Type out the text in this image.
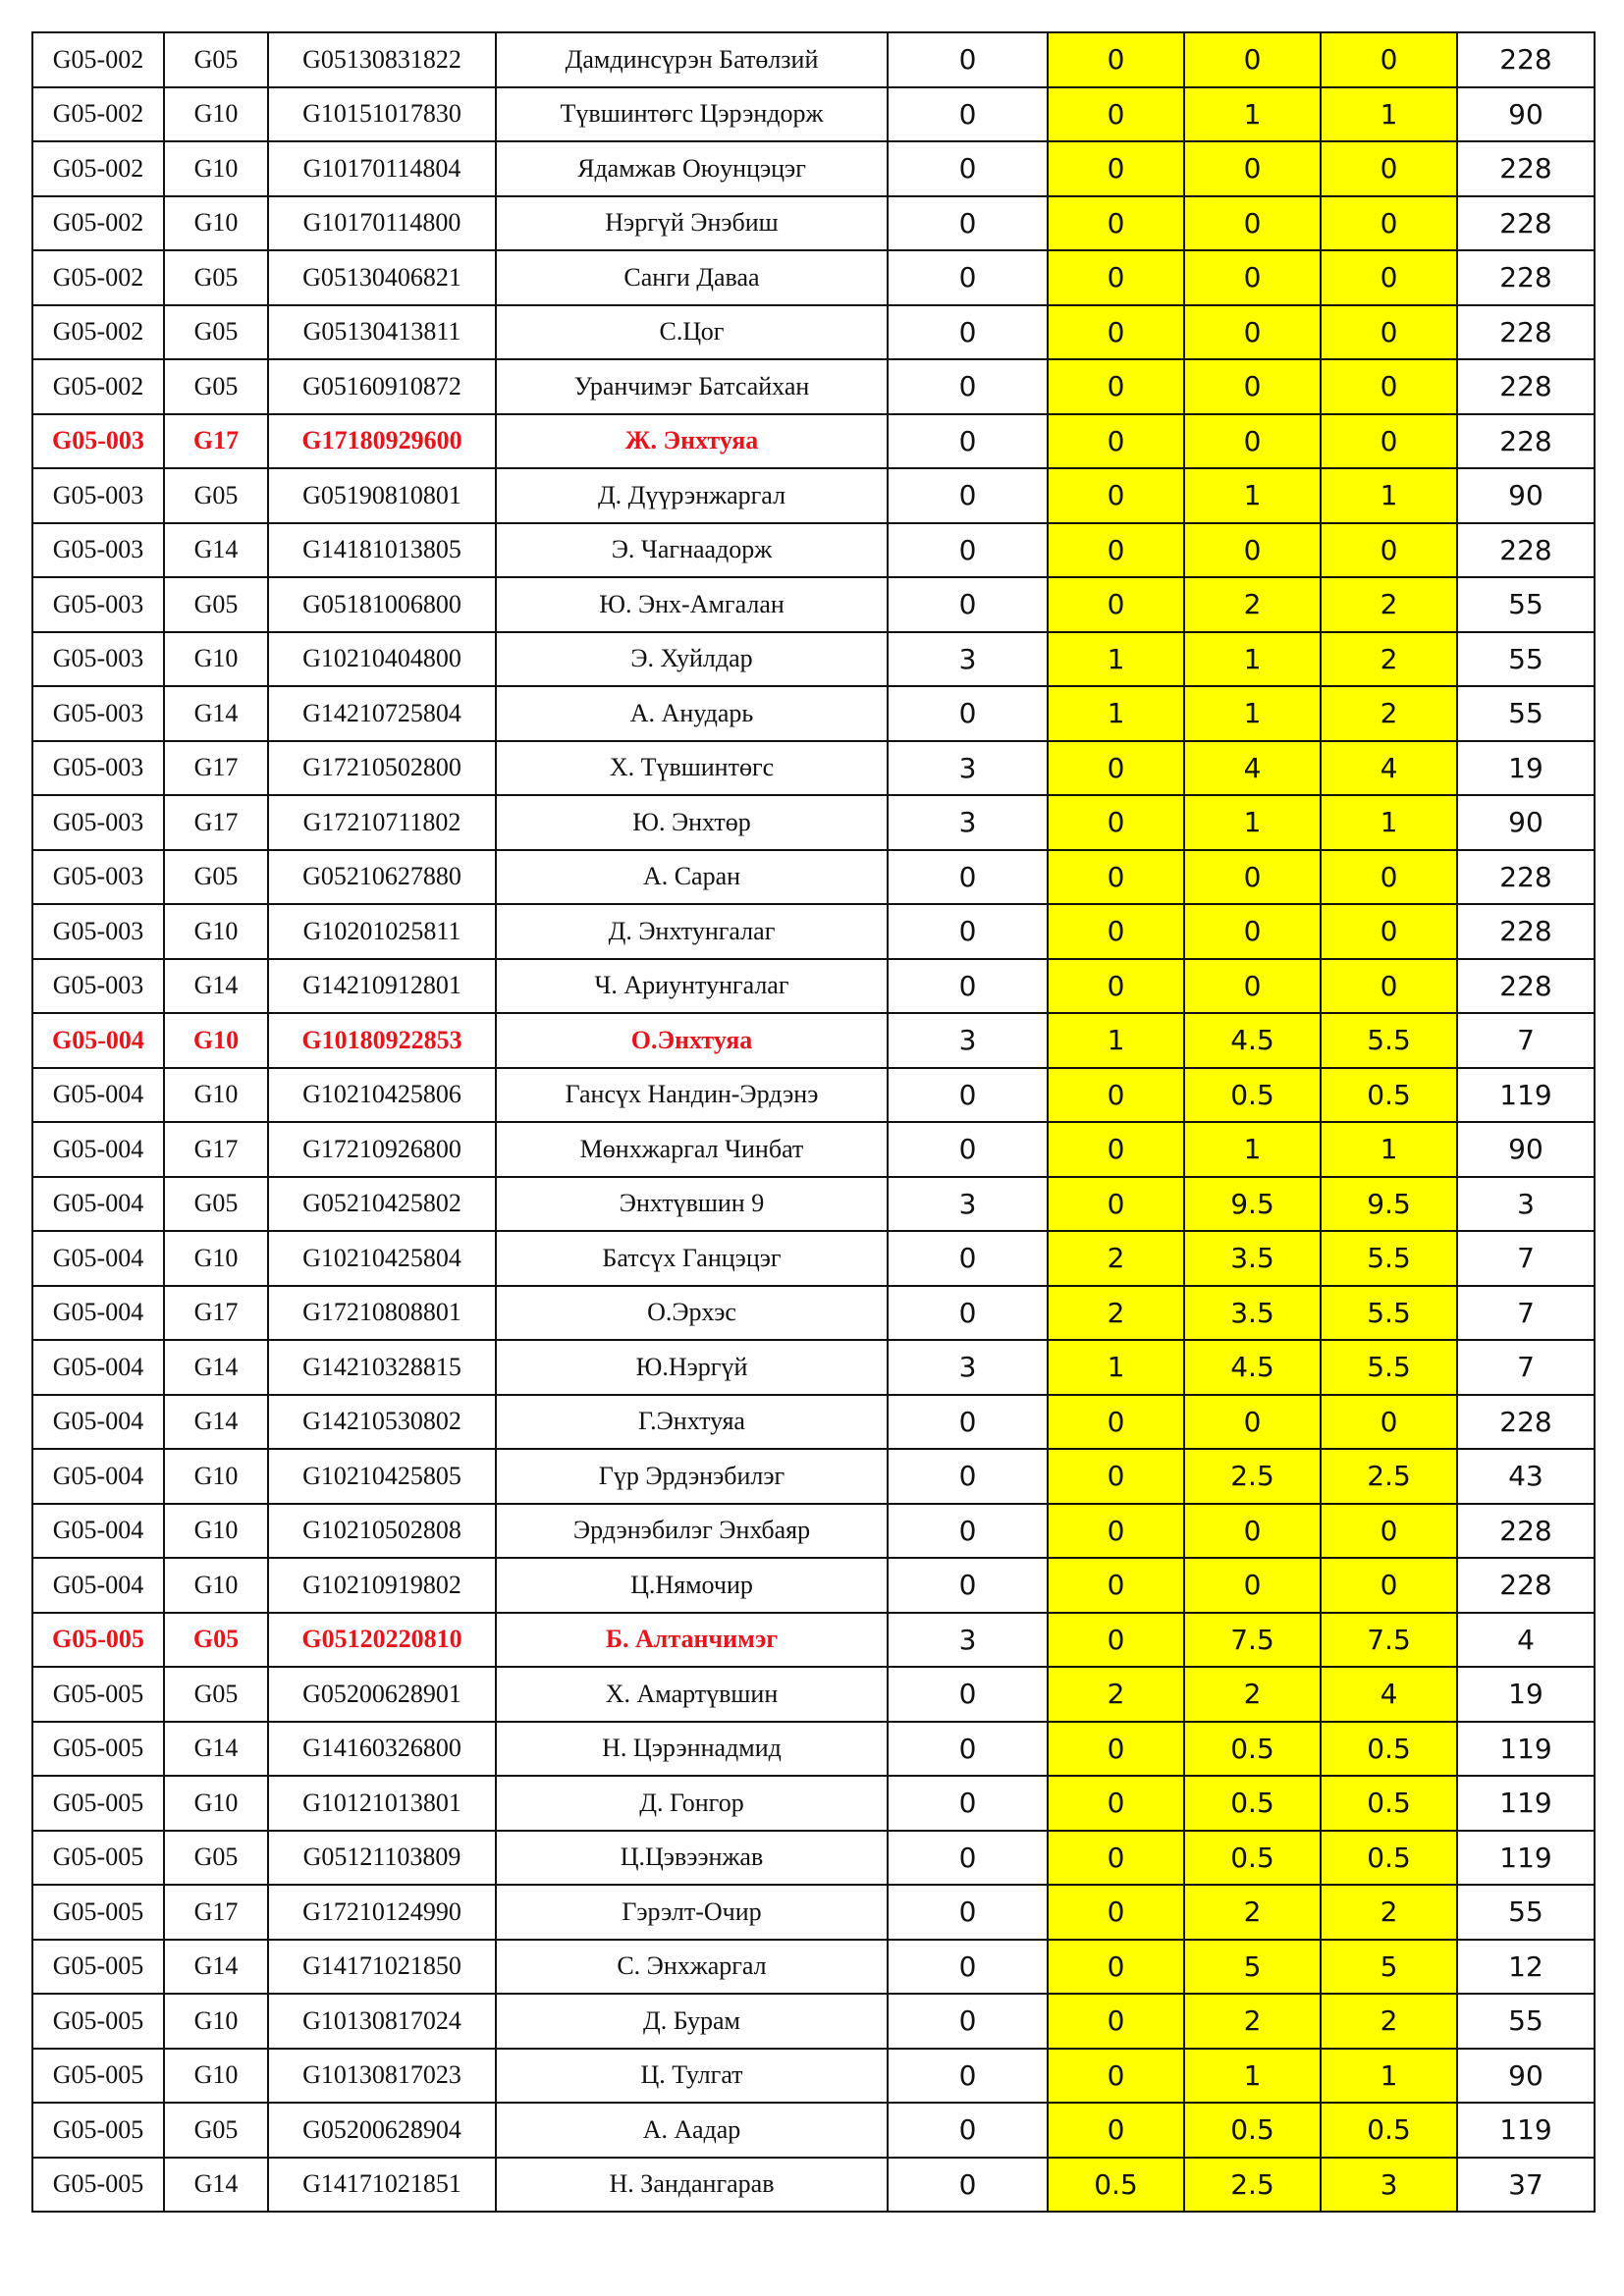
G05-002	G05	G05130831822	Дамдинсүрэн Батөлзий	0	0	0	0	228
G05-002	G10	G10151017830	Түвшинтөгс Цэрэндорж	0	0	1	1	90
G05-002	G10	G10170114804	Ядамжав Оюунцэцэг	0	0	0	0	228
G05-002	G10	G10170114800	Нэргүй Энэбиш	0	0	0	0	228
G05-002	G05	G05130406821	Санги Даваа	0	0	0	0	228
G05-002	G05	G05130413811	С.Цог	0	0	0	0	228
G05-002	G05	G05160910872	Уранчимэг Батсайхан	0	0	0	0	228
G05-003	G17	G17180929600	Ж. Энхтуяа	0	0	0	0	228
G05-003	G05	G05190810801	Д. Дүүрэнжаргал	0	0	1	1	90
G05-003	G14	G14181013805	Э. Чагнаадорж	0	0	0	0	228
G05-003	G05	G05181006800	Ю. Энх-Амгалан	0	0	2	2	55
G05-003	G10	G10210404800	Э. Хуйлдар	3	1	1	2	55
G05-003	G14	G14210725804	А. Анударь	0	1	1	2	55
G05-003	G17	G17210502800	Х. Түвшинтөгс	3	0	4	4	19
G05-003	G17	G17210711802	Ю. Энхтөр	3	0	1	1	90
G05-003	G05	G05210627880	А. Саран	0	0	0	0	228
G05-003	G10	G10201025811	Д. Энхтунгалаг	0	0	0	0	228
G05-003	G14	G14210912801	Ч. Ариунтунгалаг	0	0	0	0	228
G05-004	G10	G10180922853	О.Энхтуяа	3	1	4.5	5.5	7
G05-004	G10	G10210425806	Гансүх Нандин-Эрдэнэ	0	0	0.5	0.5	119
G05-004	G17	G17210926800	Мөнхжаргал Чинбат	0	0	1	1	90
G05-004	G05	G05210425802	Энхтүвшин 9	3	0	9.5	9.5	3
G05-004	G10	G10210425804	Батсүх Ганцэцэг	0	2	3.5	5.5	7
G05-004	G17	G17210808801	О.Эрхэс	0	2	3.5	5.5	7
G05-004	G14	G14210328815	Ю.Нэргүй	3	1	4.5	5.5	7
G05-004	G14	G14210530802	Г.Энхтуяа	0	0	0	0	228
G05-004	G10	G10210425805	Гүр Эрдэнэбилэг	0	0	2.5	2.5	43
G05-004	G10	G10210502808	Эрдэнэбилэг Энхбаяр	0	0	0	0	228
G05-004	G10	G10210919802	Ц.Нямочир	0	0	0	0	228
G05-005	G05	G05120220810	Б. Алтанчимэг	3	0	7.5	7.5	4
G05-005	G05	G05200628901	Х. Амартүвшин	0	2	2	4	19
G05-005	G14	G14160326800	Н. Цэрэннадмид	0	0	0.5	0.5	119
G05-005	G10	G10121013801	Д. Гонгор	0	0	0.5	0.5	119
G05-005	G05	G05121103809	Ц.Цэвээнжав	0	0	0.5	0.5	119
G05-005	G17	G17210124990	Гэрэлт-Очир	0	0	2	2	55
G05-005	G14	G14171021850	С. Энхжаргал	0	0	5	5	12
G05-005	G10	G10130817024	Д. Бурам	0	0	2	2	55
G05-005	G10	G10130817023	Ц. Тулгат	0	0	1	1	90
G05-005	G05	G05200628904	А. Аадар	0	0	0.5	0.5	119
G05-005	G14	G14171021851	Н. Зандангарав	0	0.5	2.5	3	37
